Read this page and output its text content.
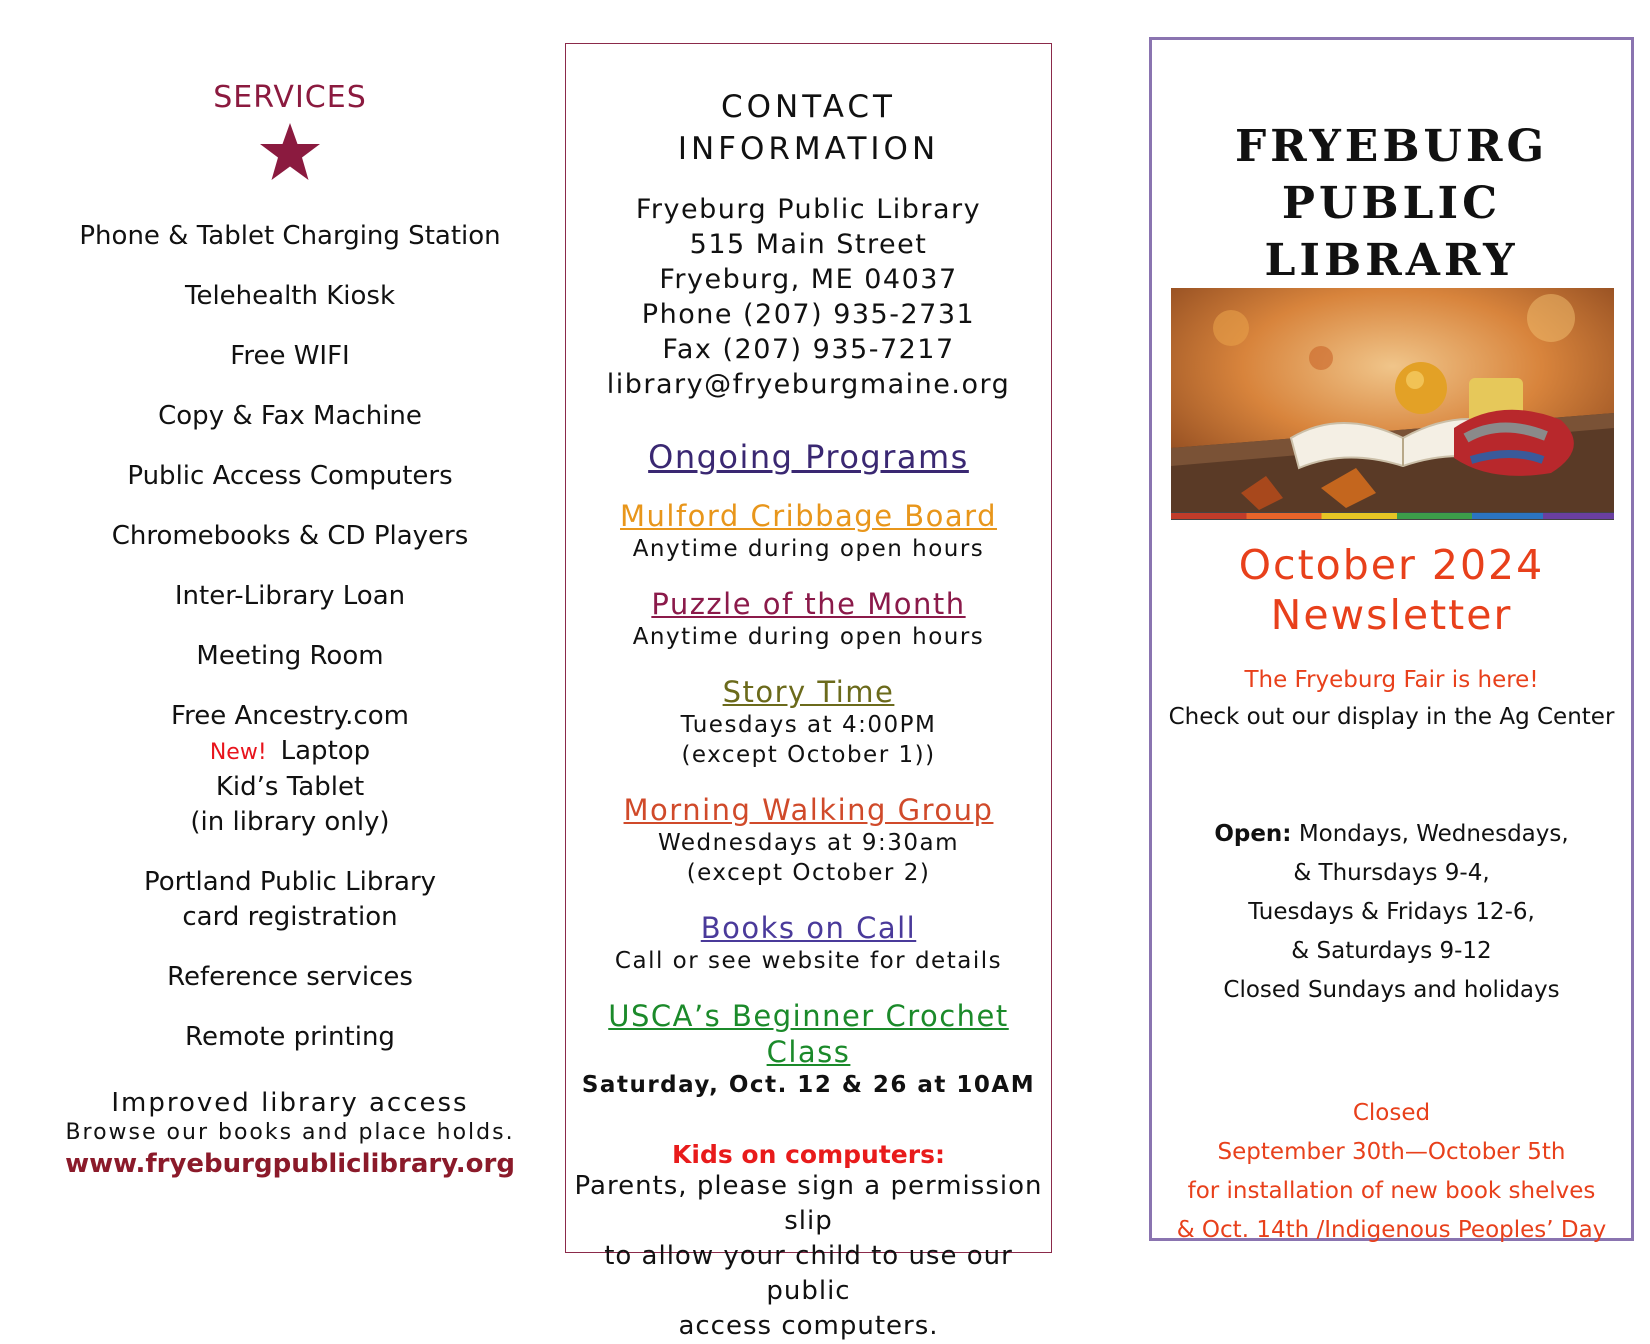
SERVICES
Phone & Tablet Charging Station
Telehealth Kiosk
Free WIFI
Copy & Fax Machine
Public Access Computers
Chromebooks & CD Players
Inter-Library Loan
Meeting Room
Free Ancestry.com
New! Laptop
Kid’s Tablet
(in library only)
Portland Public Library
card registration
Reference services
Remote printing
Improved library access
Browse our books and place holds.
www.fryeburgpubliclibrary.org
CONTACT
INFORMATION
Fryeburg Public Library
515 Main Street
Fryeburg, ME 04037
Phone (207) 935-2731
Fax (207) 935-7217
library@fryeburgmaine.org
Ongoing Programs
Mulford Cribbage Board
Anytime during open hours
Puzzle of the Month
Anytime during open hours
Story Time
Tuesdays at 4:00PM
(except October 1))
Morning Walking Group
Wednesdays at 9:30am
(except October 2)
Books on Call
Call or see website for details
USCA’s Beginner Crochet Class
Saturday, Oct. 12 & 26 at 10AM
Kids on computers:
Parents, please sign a permission slip
to allow your child to use our public
access computers.
FRYEBURG
PUBLIC
LIBRARY
October 2024
Newsletter
The Fryeburg Fair is here!
Check out our display in the Ag Center
Open: Mondays, Wednesdays,
& Thursdays 9-4,
Tuesdays & Fridays 12-6,
& Saturdays 9-12
Closed Sundays and holidays
Closed
September 30th—October 5th
for installation of new book shelves
& Oct. 14th /Indigenous Peoples’ Day
